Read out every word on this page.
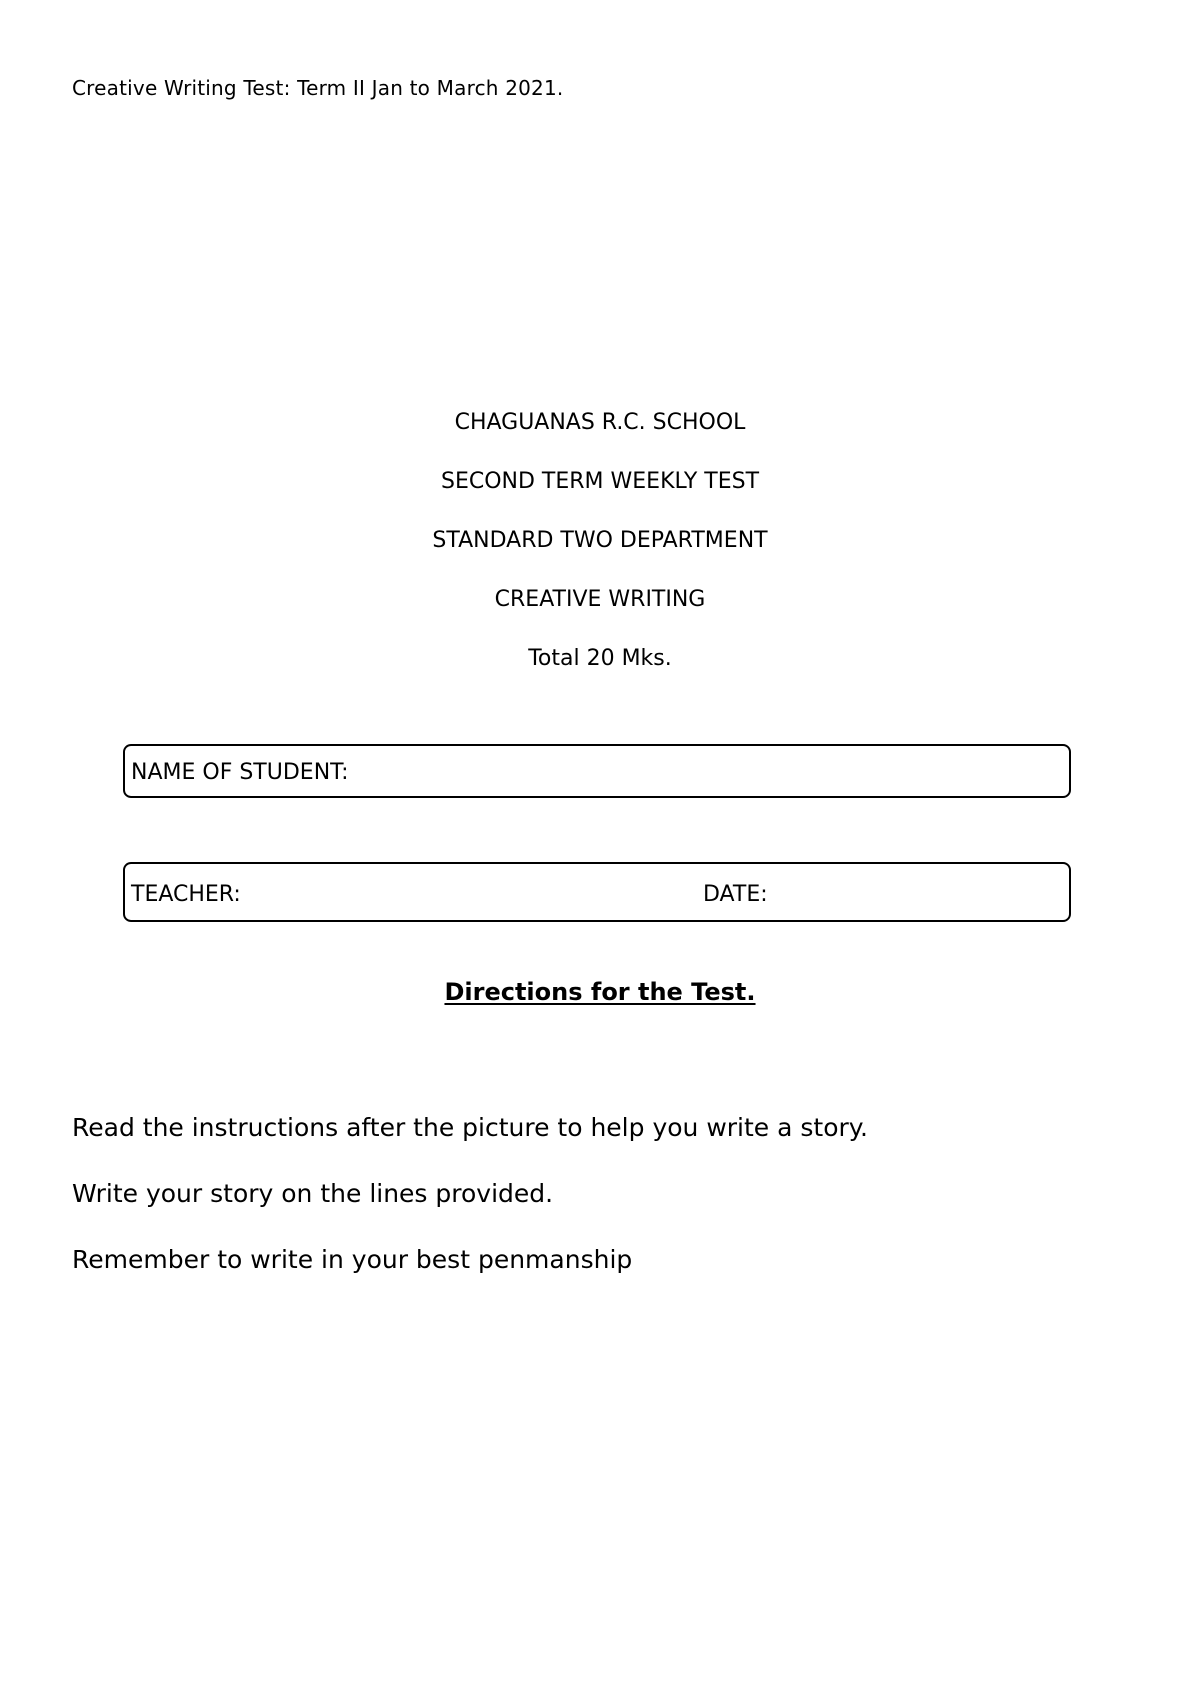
Creative Writing Test: Term II Jan to March 2021.
CHAGUANAS R.C. SCHOOL
SECOND TERM WEEKLY TEST
STANDARD TWO DEPARTMENT
CREATIVE WRITING
Total 20 Mks.
NAME OF STUDENT:
TEACHER:	DATE:
Directions for the Test.
Read the instructions after the picture to help you write a story.
Write your story on the lines provided.
Remember to write in your best penmanship
